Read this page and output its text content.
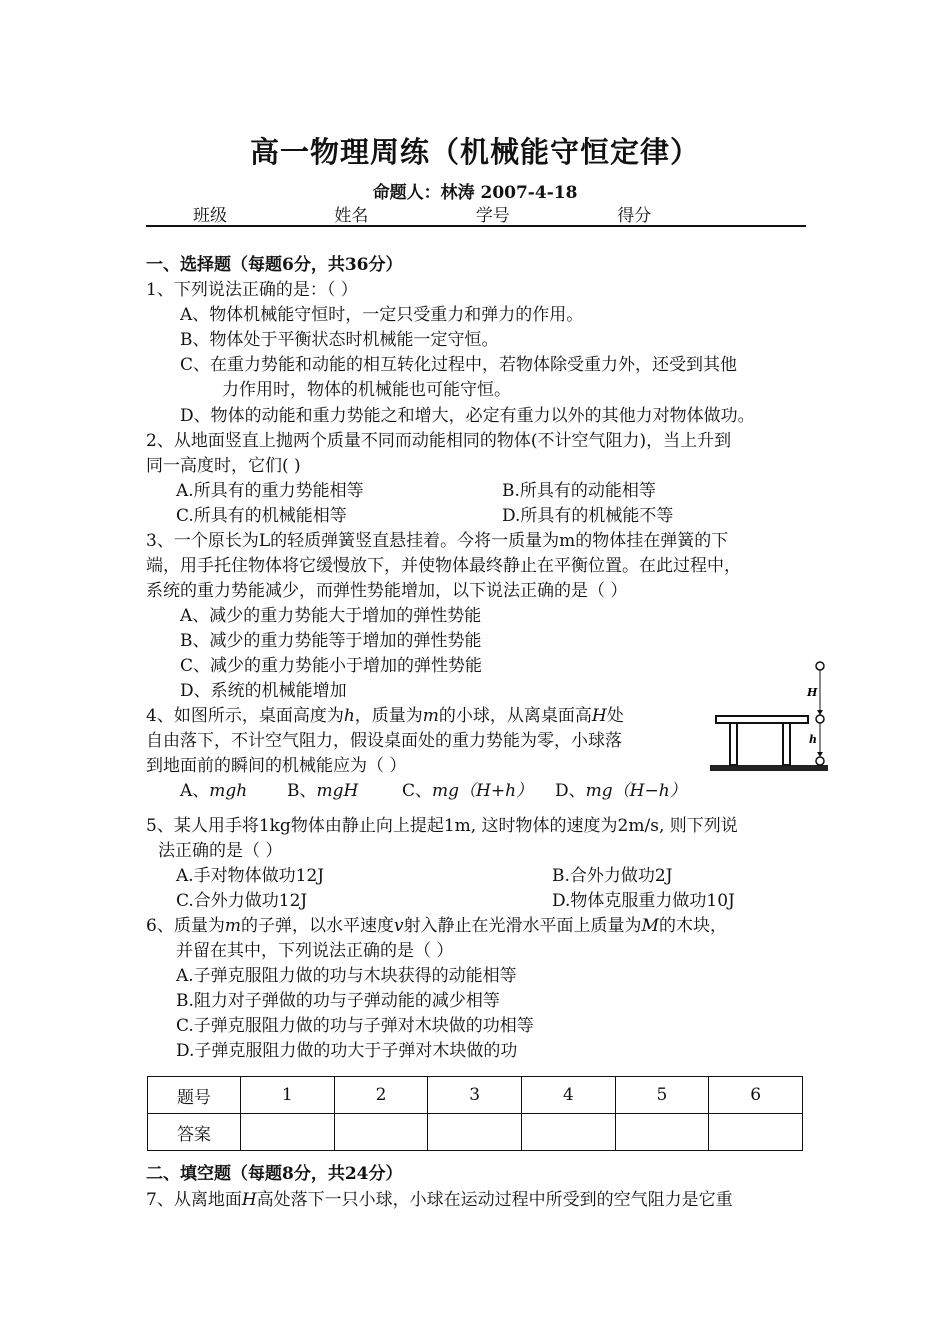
高一物理周练（机械能守恒定律）
命题人：林涛 2007-4-18
班级	姓名	学号	得分
一、选择题（每题6分，共36分）
1、下列说法正确的是：（ ）
A、物体机械能守恒时，一定只受重力和弹力的作用。
B、物体处于平衡状态时机械能一定守恒。
C、在重力势能和动能的相互转化过程中，若物体除受重力外，还受到其他
力作用时，物体的机械能也可能守恒。
D、物体的动能和重力势能之和增大，必定有重力以外的其他力对物体做功。
2、从地面竖直上抛两个质量不同而动能相同的物体(不计空气阻力)，当上升到
同一高度时，它们( )
A.所具有的重力势能相等	B.所具有的动能相等
C.所具有的机械能相等	D.所具有的机械能不等
3、一个原长为L的轻质弹簧竖直悬挂着。今将一质量为m的物体挂在弹簧的下
端，用手托住物体将它缓慢放下，并使物体最终静止在平衡位置。在此过程中，
系统的重力势能减少，而弹性势能增加，以下说法正确的是（ ）
A、减少的重力势能大于增加的弹性势能
B、减少的重力势能等于增加的弹性势能
C、减少的重力势能小于增加的弹性势能
D、系统的机械能增加
4、如图所示，桌面高度为h，质量为m的小球，从离桌面高H处
自由落下，不计空气阻力，假设桌面处的重力势能为零，小球落
到地面前的瞬间的机械能应为（ ）
A、mgh B、mgH	C、mg（H+h） D、mg（H−h）
H
h
5、某人用手将1kg物体由静止向上提起1m, 这时物体的速度为2m/s, 则下列说
法正确的是（ ）
A.手对物体做功12J	B.合外力做功2J
C.合外力做功12J	D.物体克服重力做功10J
6、质量为m的子弹，以水平速度v射入静止在光滑水平面上质量为M的木块，
并留在其中，下列说法正确的是（ ）
A.子弹克服阻力做的功与木块获得的动能相等
B.阻力对子弹做的功与子弹动能的减少相等
C.子弹克服阻力做的功与子弹对木块做的功相等
D.子弹克服阻力做的功大于子弹对木块做的功
题号	1	2	3	4	5	6
答案						
二、填空题（每题8分，共24分）
7、从离地面H高处落下一只小球，小球在运动过程中所受到的空气阻力是它重
